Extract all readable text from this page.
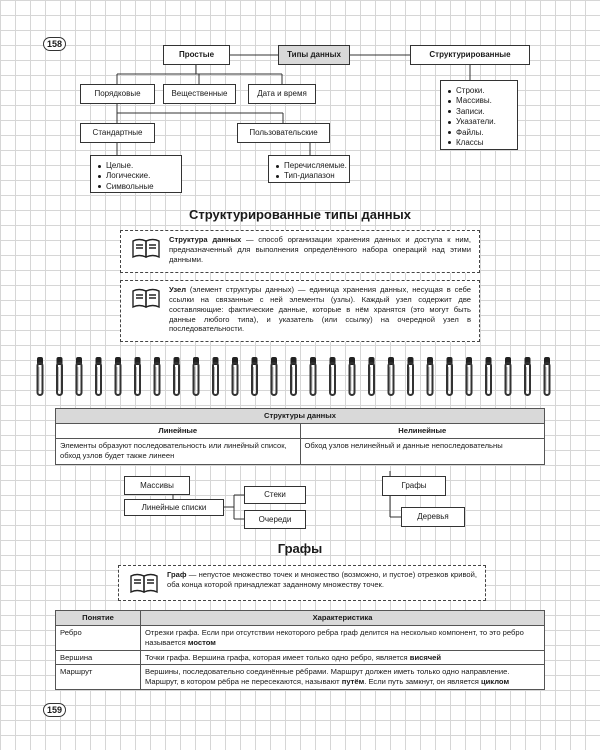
158
159
Простые	Типы данных	Структурированные
Порядковые	Вещественные	Дата и время
Стандартные	Пользовательские
Целые.
Логические.
Символьные
Перечисляемые.
Тип-диапазон
Строки.
Массивы.
Записи.
Указатели.
Файлы.
Классы
Структурированные типы данных
Структура данных — способ организации хранения данных и доступа к ним, предназначенный для выполнения определённого набора операций над этими данными.
Узел (элемент структуры данных) — единица хранения данных, несущая в себе ссылки на связанные с ней элементы (узлы). Каждый узел содержит две составляющие: фактические данные, которые в нём хранятся (это могут быть данные любого типа), и указатель (или ссылку) на очередной узел в последовательности.
Структуры данных	
Линейные	Нелинейные
Элементы образуют последовательность или линейный список, обход узлов будет также линеен	Обход узлов нелинейный и данные непоследовательны
Массивы
Линейные списки
Стеки
Очереди
Графы
Деревья
Графы
Граф — непустое множество точек и множество (возможно, и пустое) отрезков кривой, оба конца которой принадлежат заданному множеству точек.
Понятие	Характеристика
Ребро	Отрезки графа. Если при отсутствии некоторого ребра граф делится на несколько компонент, то это ребро называется мостом
Вершина	Точки графа. Вершина графа, которая имеет только одно ребро, является висячей
Маршрут	Вершины, последовательно соединённые рёбрами. Маршрут должен иметь только одно направление. Маршрут, в котором рёбра не пересекаются, называют путём. Если путь замкнут, он является циклом
